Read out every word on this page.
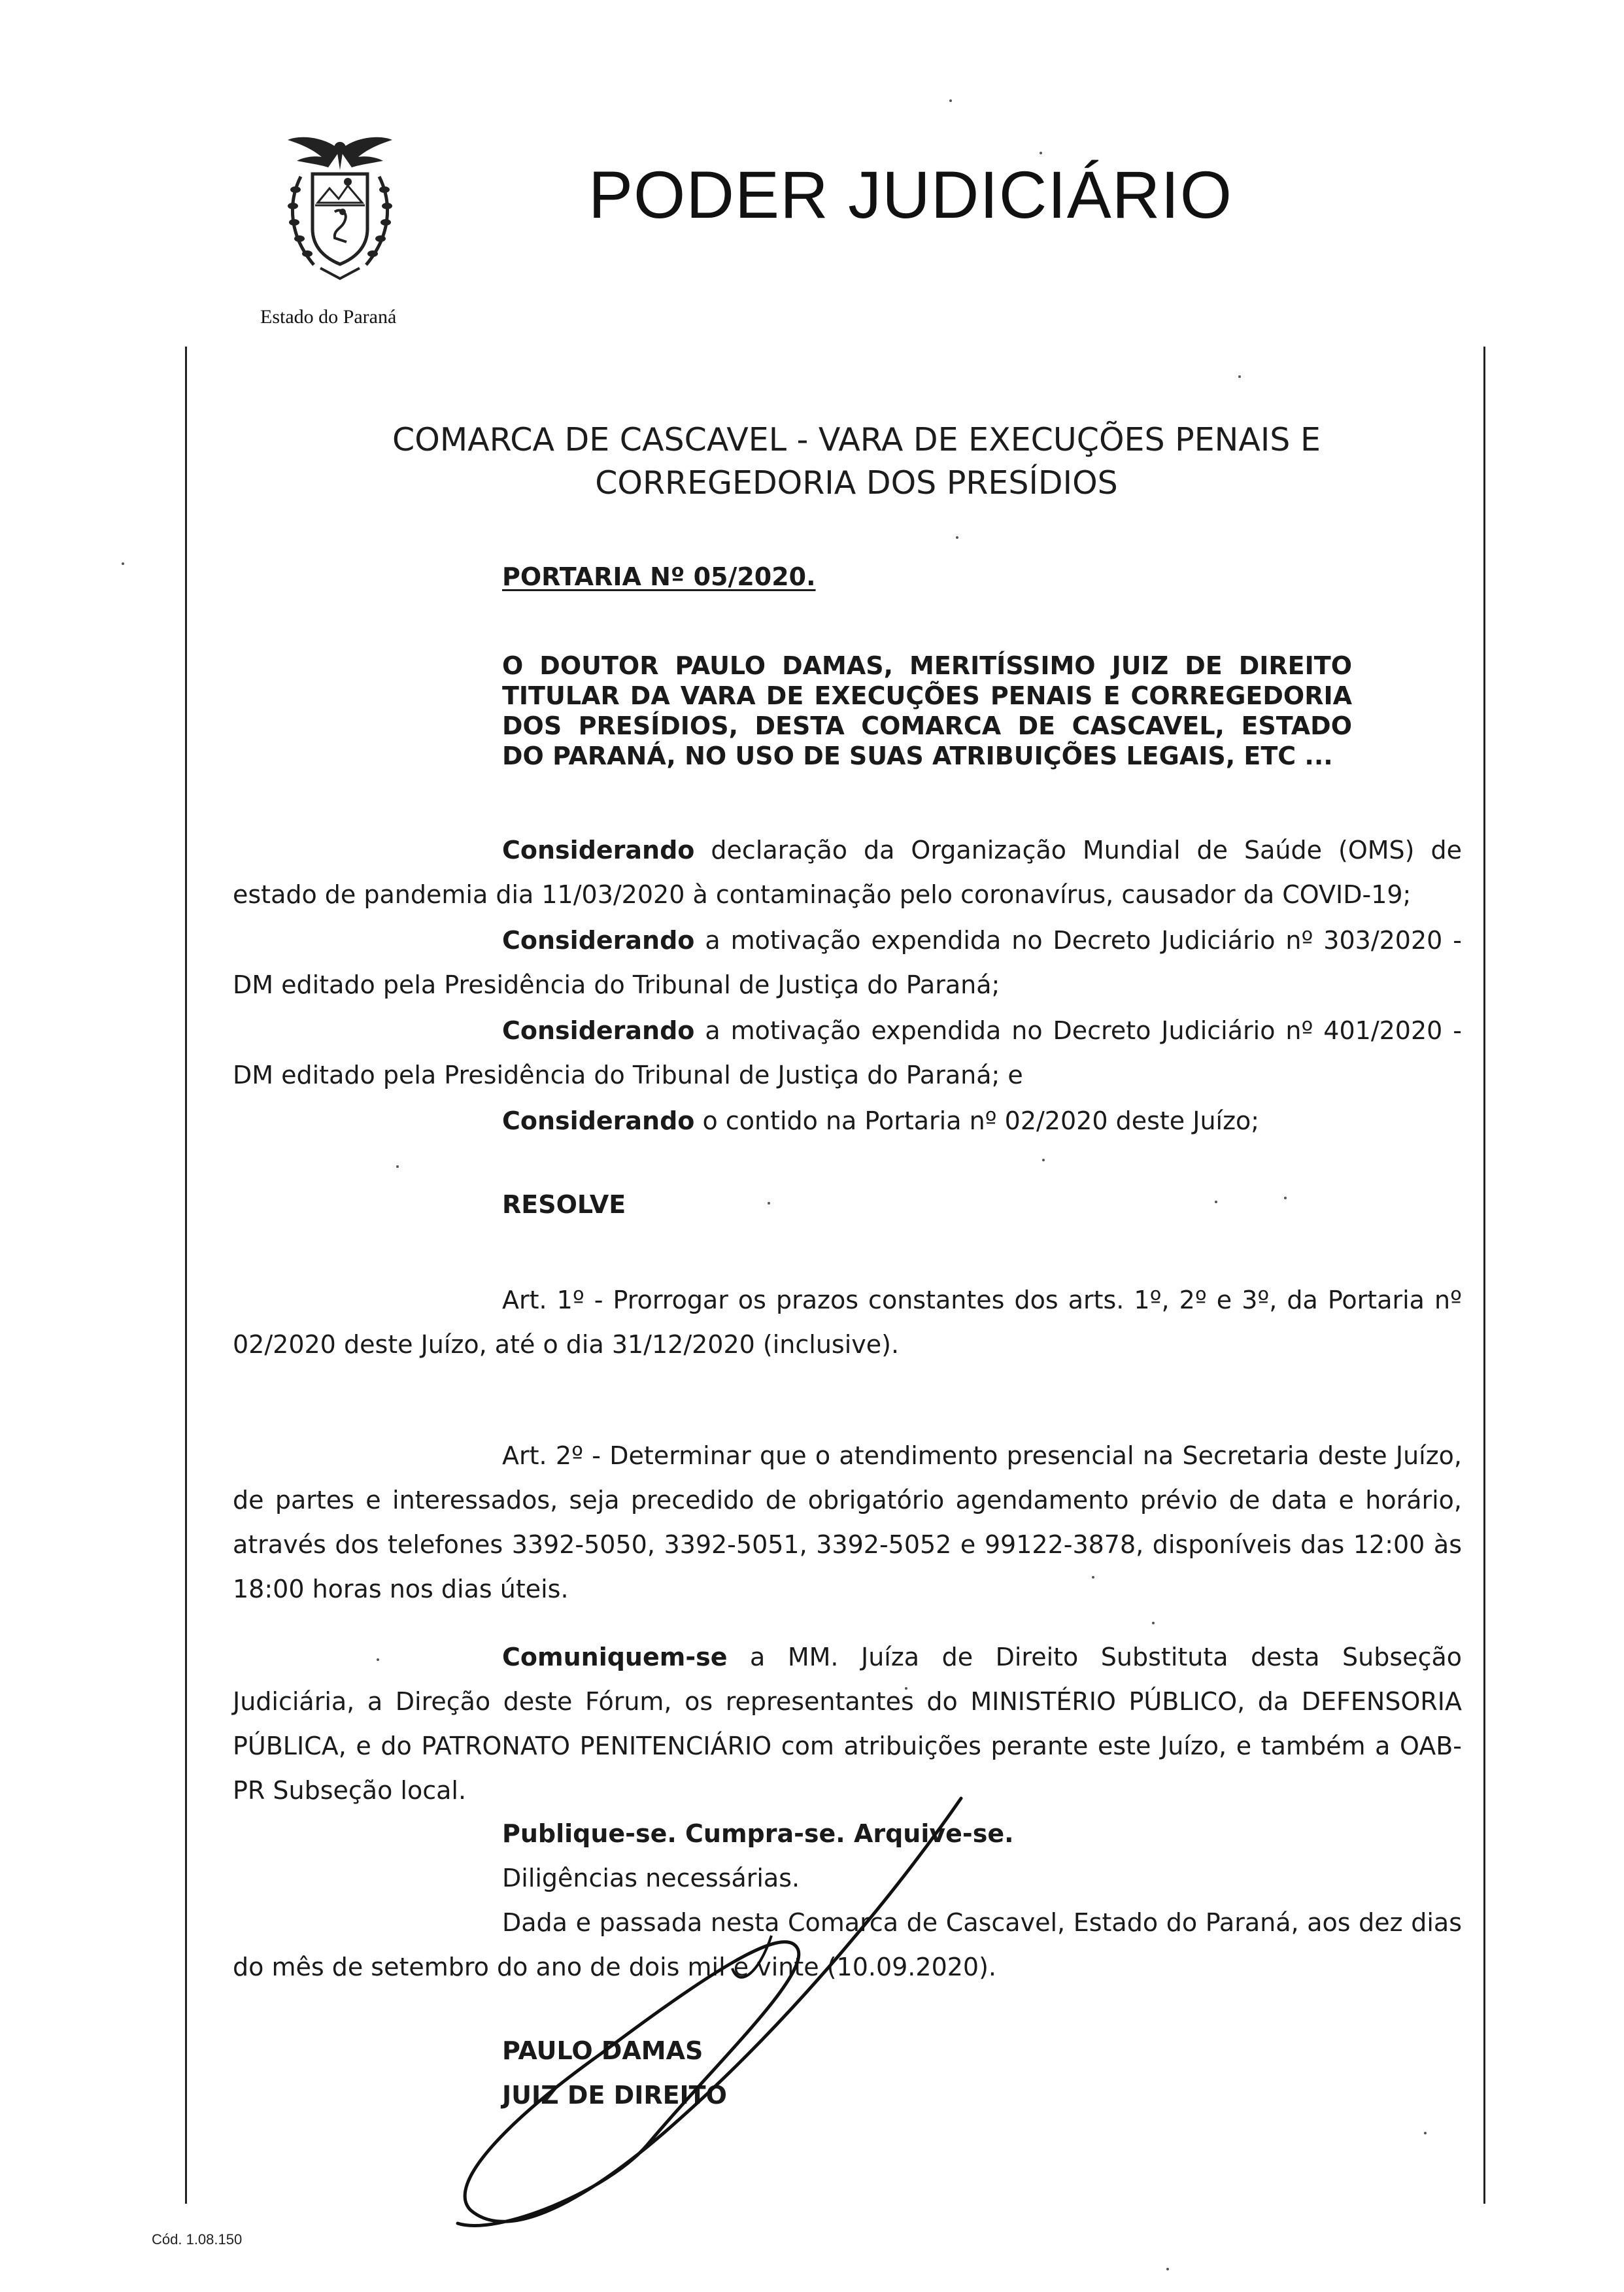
Estado do Paraná
PODER JUDICIÁRIO
COMARCA DE CASCAVEL - VARA DE EXECUÇÕES PENAIS E
CORREGEDORIA DOS PRESÍDIOS
PORTARIA Nº 05/2020.
O DOUTOR PAULO DAMAS, MERITÍSSIMO JUIZ DE DIREITO TITULAR DA VARA DE EXECUÇÕES PENAIS E CORREGEDORIA DOS PRESÍDIOS, DESTA COMARCA DE CASCAVEL, ESTADO DO PARANÁ, NO USO DE SUAS ATRIBUIÇÕES LEGAIS, ETC ...
Considerando declaração da Organização Mundial de Saúde (OMS) de estado de pandemia dia 11/03/2020 à contaminação pelo coronavírus, causador da COVID-19;
Considerando a motivação expendida no Decreto Judiciário nº 303/2020 - DM editado pela Presidência do Tribunal de Justiça do Paraná;
Considerando a motivação expendida no Decreto Judiciário nº 401/2020 - DM editado pela Presidência do Tribunal de Justiça do Paraná; e
Considerando o contido na Portaria nº 02/2020 deste Juízo;
RESOLVE
Art. 1º - Prorrogar os prazos constantes dos arts. 1º, 2º e 3º, da Portaria nº 02/2020 deste Juízo, até o dia 31/12/2020 (inclusive).
Art. 2º - Determinar que o atendimento presencial na Secretaria deste Juízo, de partes e interessados, seja precedido de obrigatório agendamento prévio de data e horário, através dos telefones 3392-5050, 3392-5051, 3392-5052 e 99122-3878, disponíveis das 12:00 às 18:00 horas nos dias úteis.
Comuniquem-se a MM. Juíza de Direito Substituta desta Subseção Judiciária, a Direção deste Fórum, os representantes do MINISTÉRIO PÚBLICO, da DEFENSORIA PÚBLICA, e do PATRONATO PENITENCIÁRIO com atribuições perante este Juízo, e também a OAB-PR Subseção local.
Publique-se. Cumpra-se. Arquive-se.
Diligências necessárias.
Dada e passada nesta Comarca de Cascavel, Estado do Paraná, aos dez dias do mês de setembro do ano de dois mil e vinte (10.09.2020).
PAULO DAMAS
JUIZ DE DIREITO
Cód. 1.08.150
